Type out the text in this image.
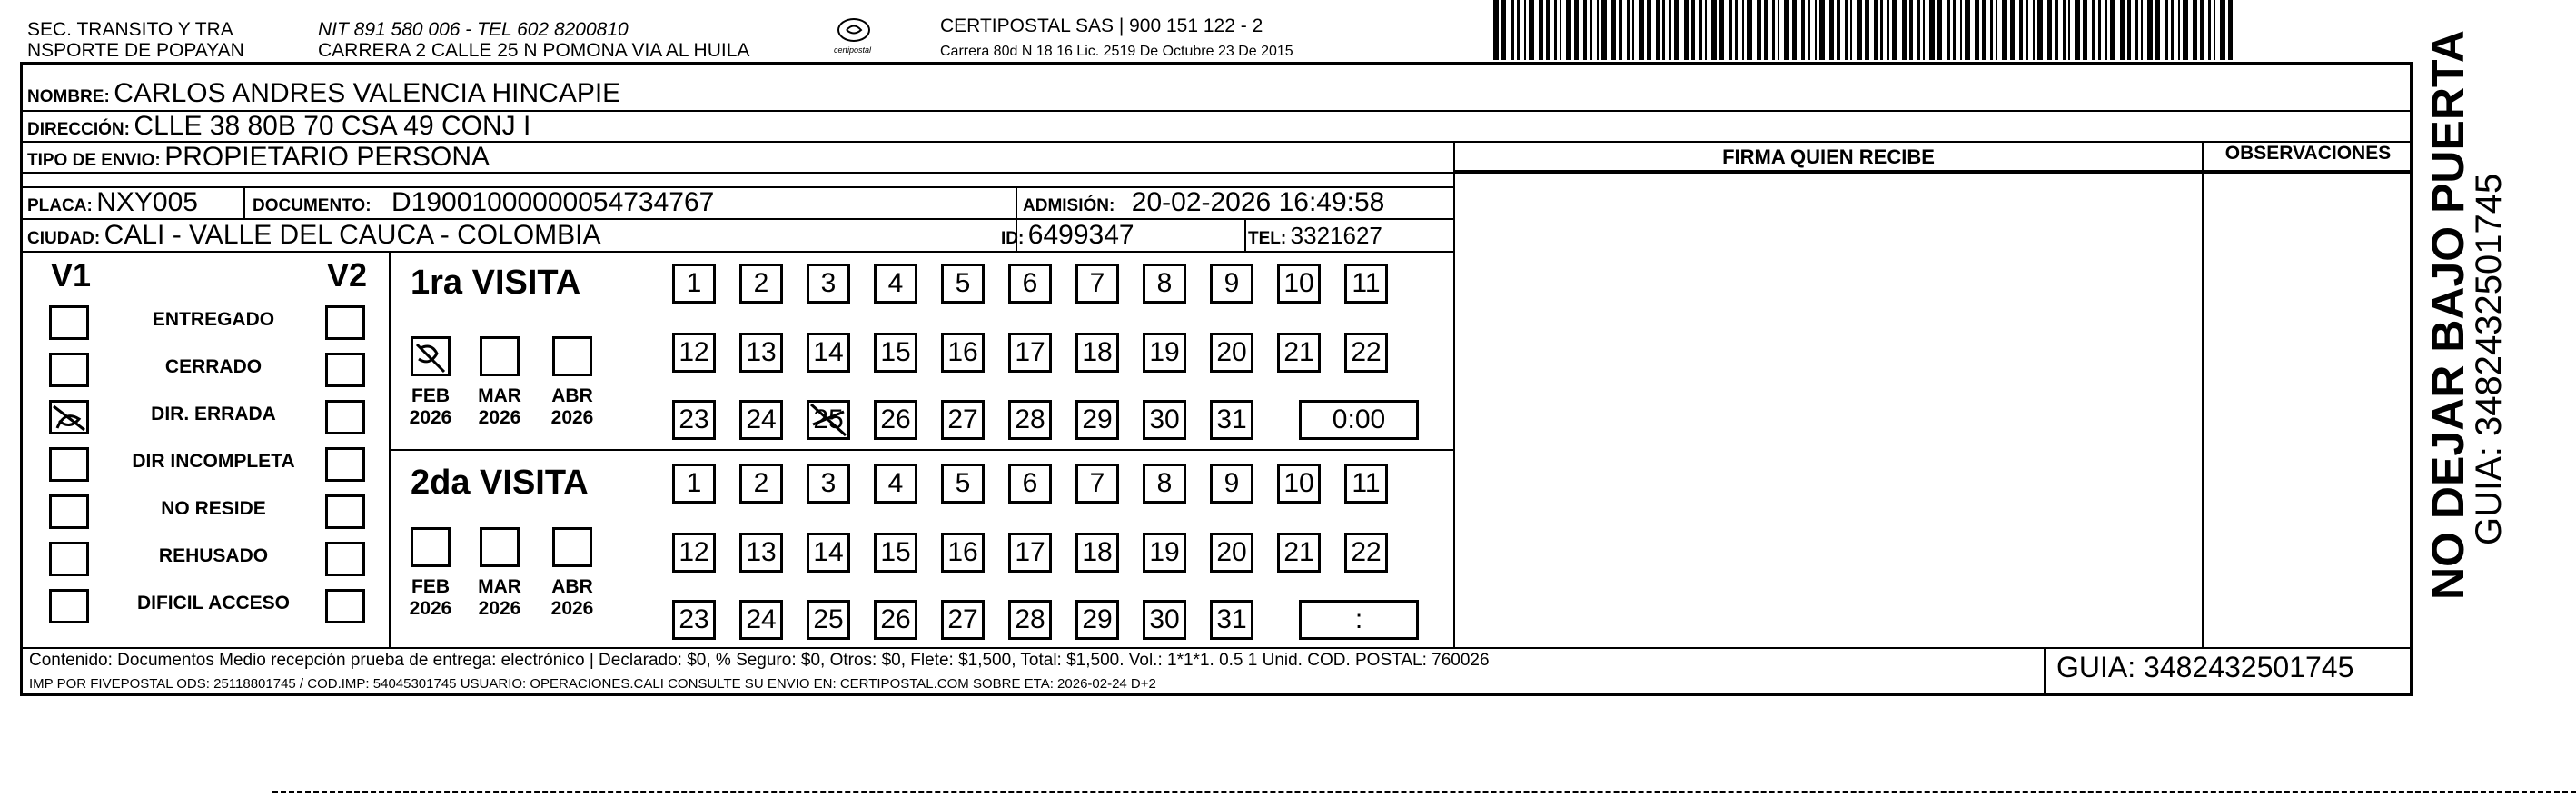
SEC. TRANSITO Y TRA
NSPORTE DE POPAYAN
NIT 891 580 006 - TEL 602 8200810
CARRERA 2 CALLE 25 N POMONA VIA AL HUILA	certipostal
CERTIPOSTAL SAS | 900 151 122 - 2
Carrera 80d N 18 16 Lic. 2519 De Octubre 23 De 2015
NOMBRE: CARLOS ANDRES VALENCIA HINCAPIE
DIRECCIÓN: CLLE 38 80B 70 CSA 49 CONJ I
TIPO DE ENVIO: PROPIETARIO PERSONA
PLACA: NXY005	DOCUMENTO: D19001000000054734767	ADMISIÓN: 20-02-2026 16:49:58
CIUDAD: CALI - VALLE DEL CAUCA - COLOMBIA	ID: 6499347	TEL: 3321627
FIRMA QUIEN RECIBE	OBSERVACIONES
V1	V2
ENTREGADO
CERRADO
DIR. ERRADA
DIR INCOMPLETA
NO RESIDE
REHUSADO
DIFICIL ACCESO
1ra VISITA
FEB
2026
MAR
2026
ABR
2026
1	2	3	4	5	6	7	8	9	10 11
12 13 14 15 16 17 18 19 20 21 22
23 24 25 26 27 28 29 30 31	0:00
2da VISITA
FEB
2026
MAR
2026
ABR
2026
1	2	3	4	5	6	7	8	9	10 11
12 13 14 15 16 17 18 19 20 21 22
23 24 25 26 27 28 29 30 31	:
Contenido: Documentos Medio recepción prueba de entrega: electrónico | Declarado: $0, % Seguro: $0, Otros: $0, Flete: $1,500, Total: $1,500. Vol.: 1*1*1. 0.5 1 Unid. COD. POSTAL: 760026
IMP POR FIVEPOSTAL ODS: 25118801745 / COD.IMP: 54045301745 USUARIO: OPERACIONES.CALI CONSULTE SU ENVIO EN: CERTIPOSTAL.COM SOBRE ETA: 2026-02-24 D+2
GUIA: 3482432501745
NO DEJAR BAJO PUERTA
GUIA: 3482432501745
